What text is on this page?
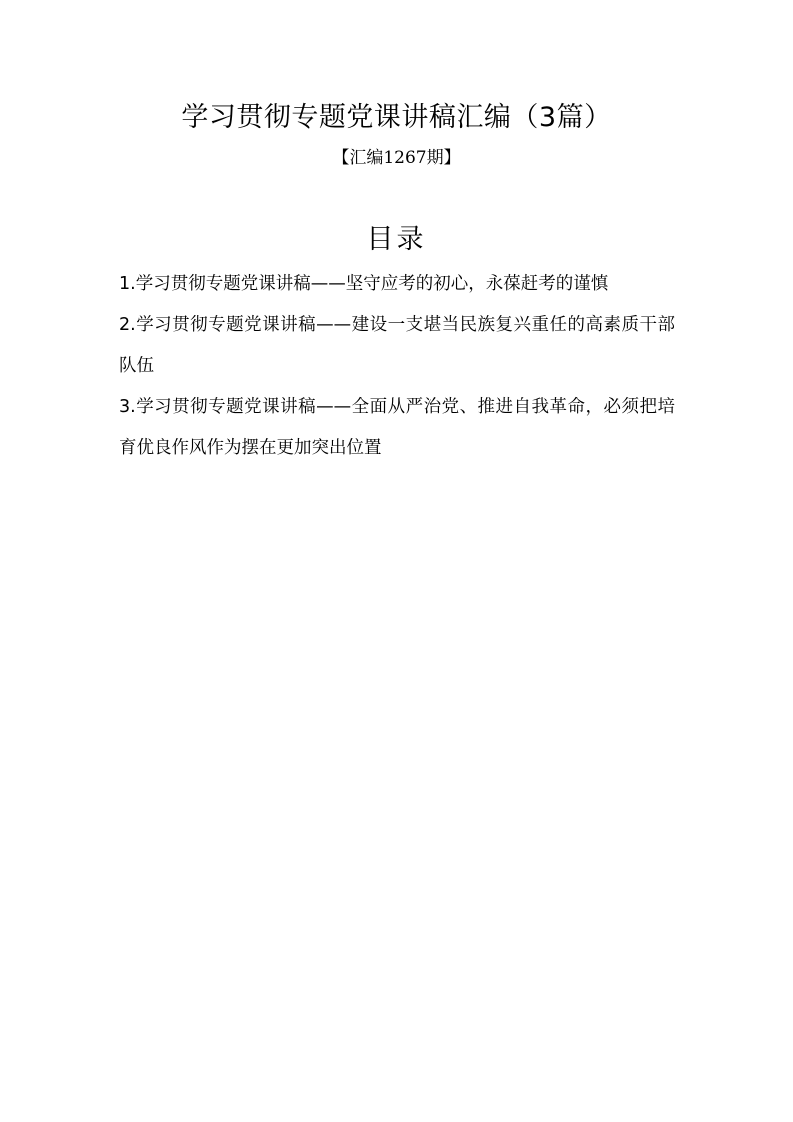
学习贯彻专题党课讲稿汇编（3篇）
【汇编1267期】
目录
1.学习贯彻专题党课讲稿——坚守应考的初心，永葆赶考的谨慎
2.学习贯彻专题党课讲稿——建设一支堪当民族复兴重任的高素质干部队伍
3.学习贯彻专题党课讲稿——全面从严治党、推进自我革命，必须把培育优良作风作为摆在更加突出位置
